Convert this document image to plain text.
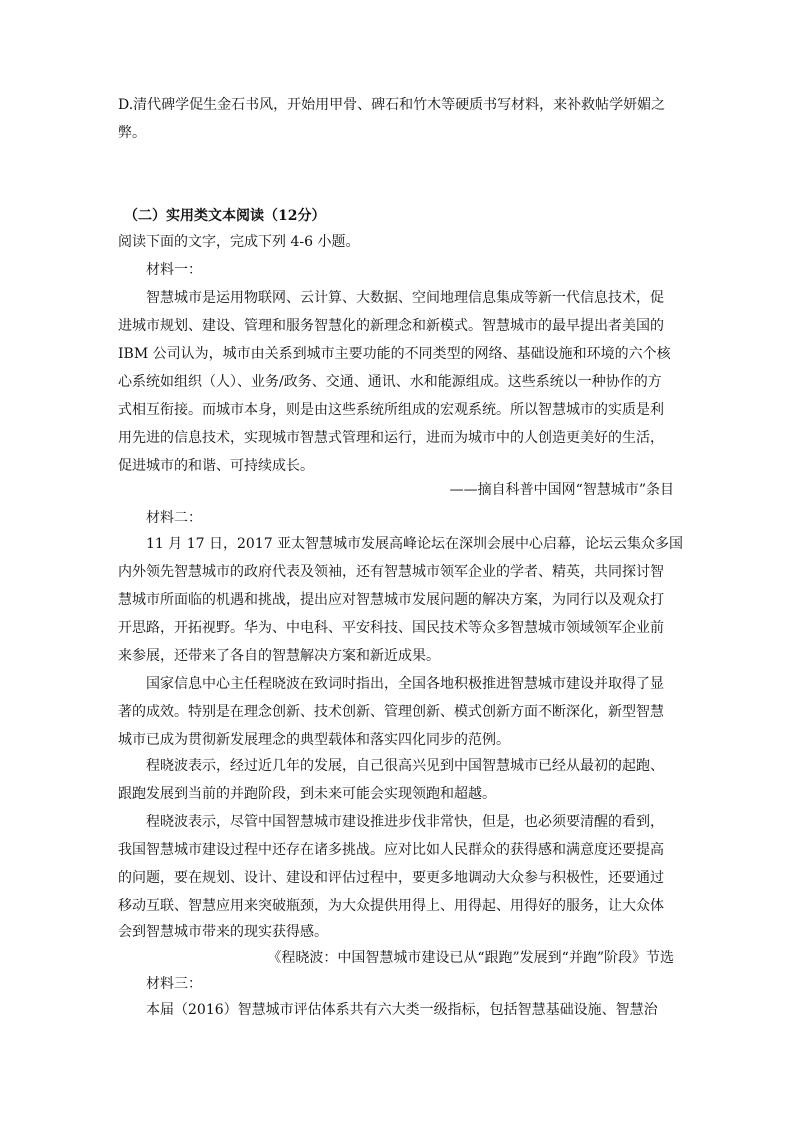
D.清代碑学促生金石书风，开始用甲骨、碑石和竹木等硬质书写材料，来补救帖学妍媚之
弊。
（二）实用类文本阅读（12分）
阅读下面的文字，完成下列 4-6 小题。
材料一：
智慧城市是运用物联网、云计算、大数据、空间地理信息集成等新一代信息技术，促
进城市规划、建设、管理和服务智慧化的新理念和新模式。智慧城市的最早提出者美国的
IBM 公司认为，城市由关系到城市主要功能的不同类型的网络、基础设施和环境的六个核
心系统如组织（人）、业务/政务、交通、通讯、水和能源组成。这些系统以一种协作的方
式相互衔接。而城市本身，则是由这些系统所组成的宏观系统。所以智慧城市的实质是利
用先进的信息技术，实现城市智慧式管理和运行，进而为城市中的人创造更美好的生活，
促进城市的和谐、可持续成长。
——摘自科普中国网“智慧城市”条目
材料二：
11 月 17 日，2017 亚太智慧城市发展高峰论坛在深圳会展中心启幕，论坛云集众多国
内外领先智慧城市的政府代表及领袖，还有智慧城市领军企业的学者、精英，共同探讨智
慧城市所面临的机遇和挑战，提出应对智慧城市发展问题的解决方案，为同行以及观众打
开思路，开拓视野。华为、中电科、平安科技、国民技术等众多智慧城市领域领军企业前
来参展，还带来了各自的智慧解决方案和新近成果。
国家信息中心主任程晓波在致词时指出，全国各地积极推进智慧城市建设并取得了显
著的成效。特别是在理念创新、技术创新、管理创新、模式创新方面不断深化，新型智慧
城市已成为贯彻新发展理念的典型载体和落实四化同步的范例。
程晓波表示，经过近几年的发展，自己很高兴见到中国智慧城市已经从最初的起跑、
跟跑发展到当前的并跑阶段，到未来可能会实现领跑和超越。
程晓波表示，尽管中国智慧城市建设推进步伐非常快，但是，也必须要清醒的看到，
我国智慧城市建设过程中还存在诸多挑战。应对比如人民群众的获得感和满意度还要提高
的问题，要在规划、设计、建设和评估过程中，要更多地调动大众参与积极性，还要通过
移动互联、智慧应用来突破瓶颈，为大众提供用得上、用得起、用得好的服务，让大众体
会到智慧城市带来的现实获得感。
《程晓波：中国智慧城市建设已从“跟跑”发展到“并跑”阶段》节选
材料三：
本届（2016）智慧城市评估体系共有六大类一级指标，包括智慧基础设施、智慧治
